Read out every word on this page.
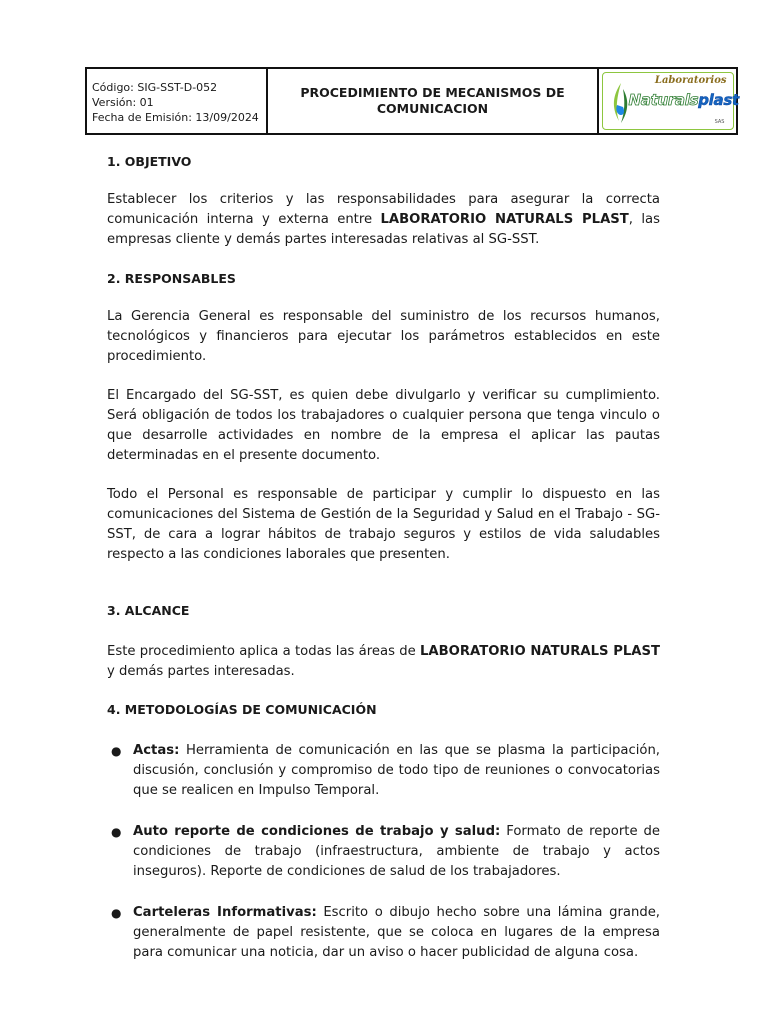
Código: SIG-SST-D-052
Versión: 01
Fecha de Emisión: 13/09/2024
PROCEDIMIENTO DE MECANISMOS DE COMUNICACION
Laboratorios
Naturalsplast
SAS
1. OBJETIVO

Establecer los criterios y las responsabilidades para asegurar la correcta comunicación interna y externa entre LABORATORIO NATURALS PLAST, las empresas cliente y demás partes interesadas relativas al SG-SST.

2. RESPONSABLES

La Gerencia General es responsable del suministro de los recursos humanos, tecnológicos y financieros para ejecutar los parámetros establecidos en este procedimiento.

El Encargado del SG-SST, es quien debe divulgarlo y verificar su cumplimiento. Será obligación de todos los trabajadores o cualquier persona que tenga vinculo o que desarrolle actividades en nombre de la empresa el aplicar las pautas determinadas en el presente documento.

Todo el Personal es responsable de participar y cumplir lo dispuesto en las comunicaciones del Sistema de Gestión de la Seguridad y Salud en el Trabajo - SG-SST, de cara a lograr hábitos de trabajo seguros y estilos de vida saludables respecto a las condiciones laborales que presenten.

3. ALCANCE

Este procedimiento aplica a todas las áreas de LABORATORIO NATURALS PLAST y demás partes interesadas.

4. METODOLOGÍAS DE COMUNICACIÓN
● Actas: Herramienta de comunicación en las que se plasma la participación, discusión, conclusión y compromiso de todo tipo de reuniones o convocatorias que se realicen en Impulso Temporal.
● Auto reporte de condiciones de trabajo y salud: Formato de reporte de condiciones de trabajo (infraestructura, ambiente de trabajo y actos inseguros). Reporte de condiciones de salud de los trabajadores.
● Carteleras Informativas: Escrito o dibujo hecho sobre una lámina grande, generalmente de papel resistente, que se coloca en lugares de la empresa para comunicar una noticia, dar un aviso o hacer publicidad de alguna cosa.
